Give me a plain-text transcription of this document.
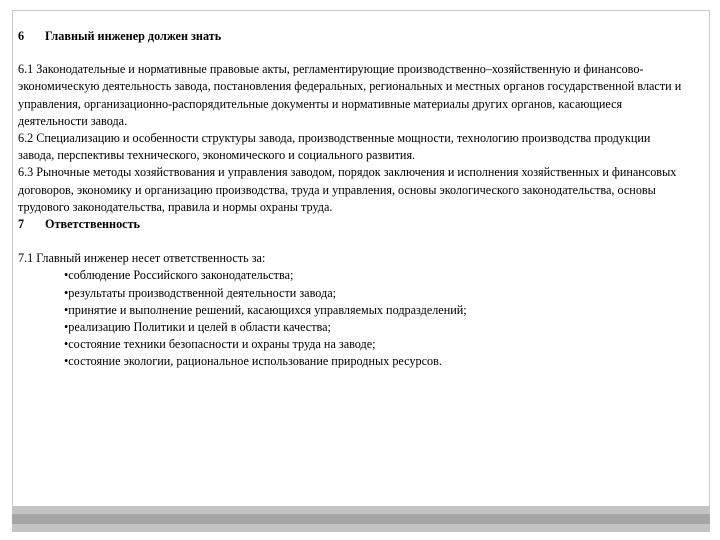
6 Главный инженер должен знать

6.1 Законодательные и нормативные правовые акты, регламентирующие производственно–хозяйственную и финансово-экономическую деятельность завода, постановления федеральных, региональных и местных органов государственной власти и управления, организационно-распорядительные документы и нормативные материалы других органов, касающиеся деятельности завода.

6.2 Специализацию и особенности структуры завода, производственные мощности, технологию производства продукции завода, перспективы технического, экономического и социального развития.

6.3 Рыночные методы хозяйствования и управления заводом, порядок заключения и исполнения хозяйственных и финансовых договоров, экономику и организацию производства, труда и управления, основы экологического законодательства, основы трудового законодательства, правила и нормы охраны труда.

7 Ответственность

7.1 Главный инженер несет ответственность за:

•соблюдение Российского законодательства;
•результаты производственной деятельности завода;
•принятие и выполнение решений, касающихся управляемых подразделений;
•реализацию Политики и целей в области качества;
•состояние техники безопасности и охраны труда на заводе;
•состояние экологии, рациональное использование природных ресурсов.
